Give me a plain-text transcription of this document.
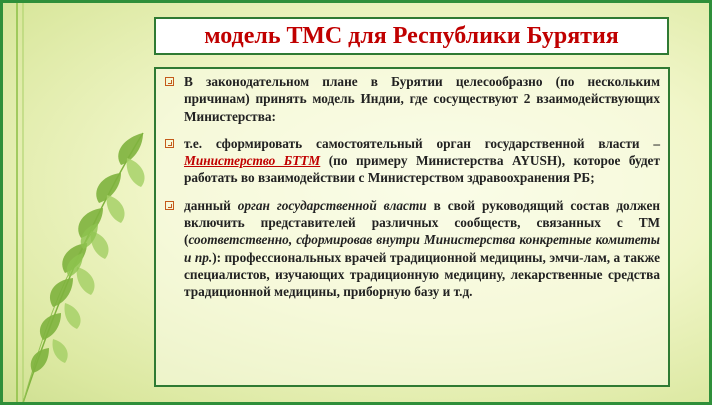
модель ТМС для Республики Бурятия
В законодательном плане в Бурятии целесообразно (по нескольким причинам) принять модель Индии, где сосуществуют 2 взаимодействующих Министерства:
т.е. сформировать самостоятельный орган государственной власти – Министерство БТТМ (по примеру Министерства AYUSH), которое будет работать во взаимодействии с Министерством здравоохранения РБ;
данный орган государственной власти в свой руководящий состав должен включить представителей различных сообществ, связанных с ТМ (соответственно, сформировав внутри Министерства конкретные комитеты и пр.): профессиональных врачей традиционной медицины, эмчи-лам, а также специалистов, изучающих традиционную медицину, лекарственные средства традиционной медицины, приборную базу и т.д.
